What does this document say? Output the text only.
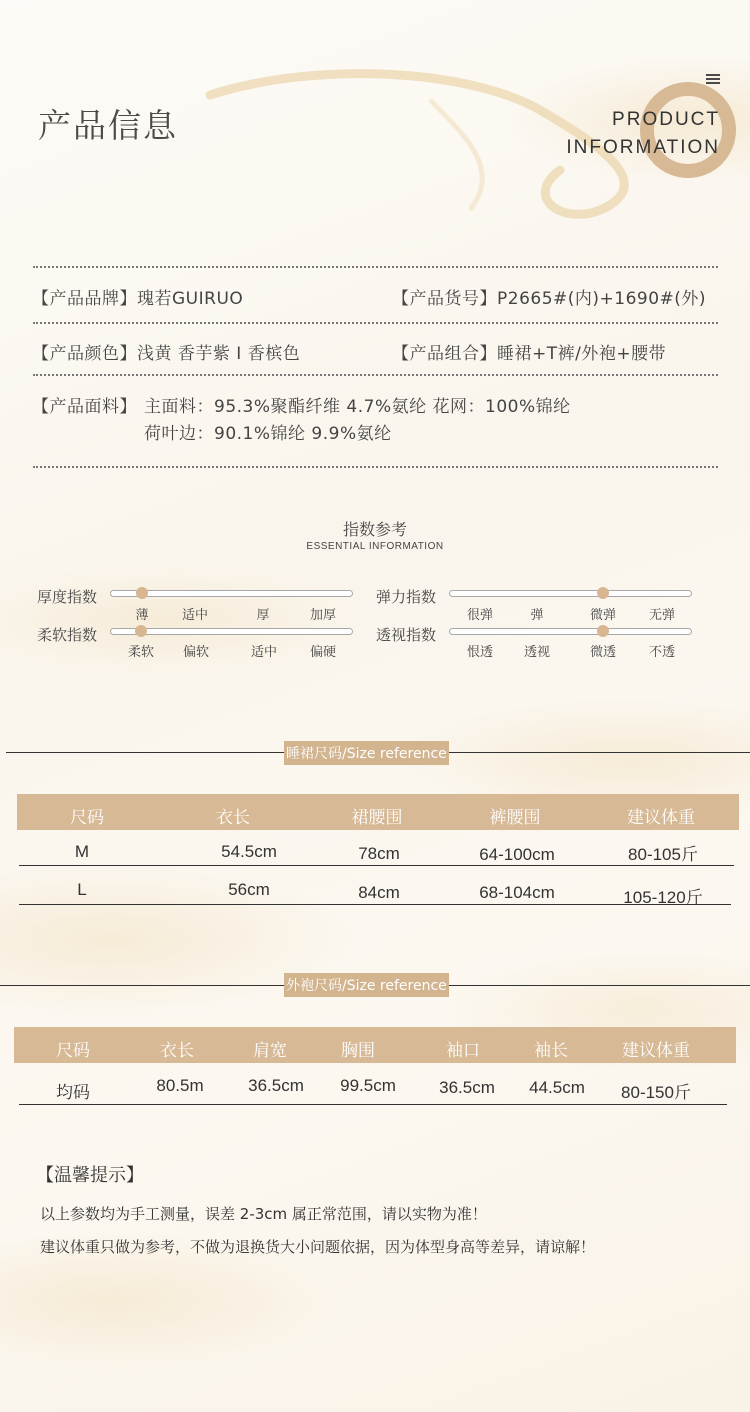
产品信息	PRODUCT
INFORMATION
【产品品牌】瑰若GUIRUO	【产品货号】P2665#(内)+1690#(外)
【产品颜色】浅黄 香芋紫 I 香槟色	【产品组合】睡裙+T裤/外袍+腰带
【产品面料】 主面料：95.3%聚酯纤维 4.7%氨纶 花网：100%锦纶
荷叶边：90.1%锦纶 9.9%氨纶
指数参考
ESSENTIAL INFORMATION
厚度指数
薄	适中	厚	加厚
柔软指数
柔软 偏软	适中	偏硬
弹力指数
很弹	弹	微弹	无弹
透视指数
恨透 透视	微透	不透
睡裙尺码/Size reference
尺码	衣长	裙腰围	裤腰围	建议体重
M	54.5cm	78cm	64-100cm	80-105斤
L	56cm	84cm	68-104cm	105-120斤
外袍尺码/Size reference
尺码	衣长	肩宽	胸围	袖口	袖长	建议体重
均码	80.5m	36.5cm 99.5cm	36.5cm 44.5cm 80-150斤
【温馨提示】
以上参数均为手工测量，误差 2-3cm 属正常范围，请以实物为准！
建议体重只做为参考，不做为退换货大小问题依据，因为体型身高等差异，请谅解！
